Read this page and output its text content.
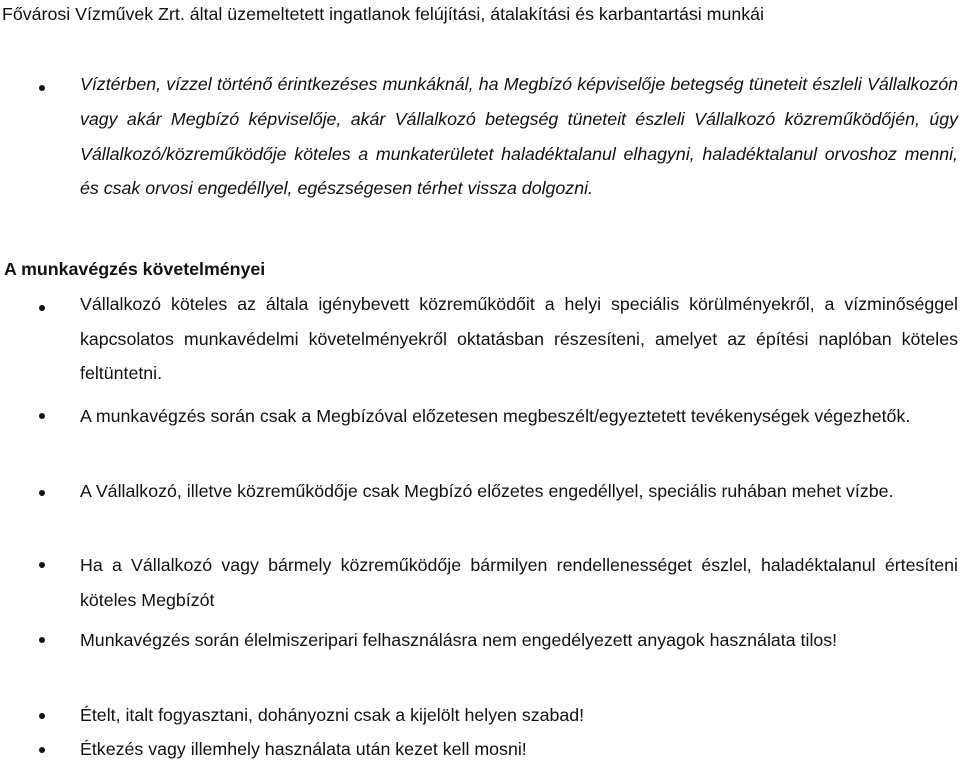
Fővárosi Vízművek Zrt. által üzemeltetett ingatlanok felújítási, átalakítási és karbantartási munkái

Víztérben, vízzel történő érintkezéses munkáknál, ha Megbízó képviselője betegség tüneteit észleli Vállalkozón vagy akár Megbízó képviselője, akár Vállalkozó betegség tüneteit észleli Vállalkozó közreműködőjén, úgy Vállalkozó/közreműködője köteles a munkaterületet haladéktalanul elhagyni, haladéktalanul orvoshoz menni, és csak orvosi engedéllyel, egészségesen térhet vissza dolgozni.

A munkavégzés követelményei

Vállalkozó köteles az általa igénybevett közreműködőit a helyi speciális körülményekről, a vízminőséggel kapcsolatos munkavédelmi követelményekről oktatásban részesíteni, amelyet az építési naplóban köteles feltüntetni.

A munkavégzés során csak a Megbízóval előzetesen megbeszélt/egyeztetett tevékenységek végezhetők.

A Vállalkozó, illetve közreműködője csak Megbízó előzetes engedéllyel, speciális ruhában mehet vízbe.

Ha a Vállalkozó vagy bármely közreműködője bármilyen rendellenességet észlel, haladéktalanul értesíteni köteles Megbízót

Munkavégzés során élelmiszeripari felhasználásra nem engedélyezett anyagok használata tilos!

Ételt, italt fogyasztani, dohányozni csak a kijelölt helyen szabad!

Étkezés vagy illemhely használata után kezet kell mosni!
